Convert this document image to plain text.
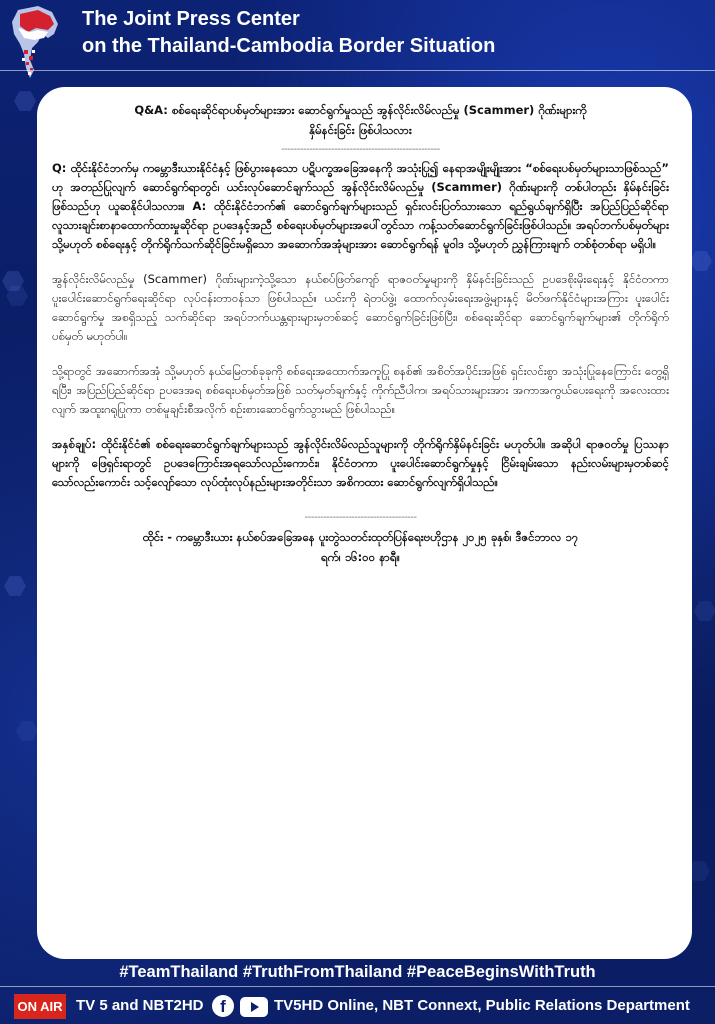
The Joint Press Center
on the Thailand-Cambodia Border Situation

Q&A: စစ်ရေးဆိုင်ရာပစ်မှတ်များအား ဆောင်ရွက်မှုသည် အွန်လိုင်းလိမ်လည်မှု (Scammer) ဂိုဏ်းများကို

နှိမ်နင်းခြင်း ဖြစ်ပါသလား

---------------------------------------------------

Q: ထိုင်းနိုင်ငံဘက်မှ ကမ္ဘောဒီးယားနိုင်ငံနှင့် ဖြစ်ပွားနေသော ပဋိပက္ခအခြေအနေကို အသုံးပြု၍ နေရာအမျိုးမျိုးအား “စစ်ရေးပစ်မှတ်များသာဖြစ်သည်” ဟု အတည်ပြုလျက် ဆောင်ရွက်ရာတွင်၊ ယင်းလုပ်ဆောင်ချက်သည် အွန်လိုင်းလိမ်လည်မှု (Scammer) ဂိုဏ်းများကို တစ်ပါတည်း နှိမ်နင်းခြင်းဖြစ်သည်ဟု ယူဆနိုင်ပါသလား။ A: ထိုင်းနိုင်ငံဘက်၏ ဆောင်ရွက်ချက်များသည် ရှင်းလင်းပြတ်သားသော ရည်ရွယ်ချက်ရှိပြီး အပြည်ပြည်ဆိုင်ရာ လူသားချင်းစာနာထောက်ထားမှုဆိုင်ရာ ဥပဒေနှင့်အညီ စစ်ရေးပစ်မှတ်များအပေါ်တွင်သာ ကန့်သတ်ဆောင်ရွက်ခြင်းဖြစ်ပါသည်။ အရပ်ဘက်ပစ်မှတ်များ သို့မဟုတ် စစ်ရေးနှင့် တိုက်ရိုက်သက်ဆိုင်ခြင်းမရှိသော အဆောက်အအုံများအား ဆောင်ရွက်ရန် မူဝါဒ သို့မဟုတ် ညွှန်ကြားချက် တစ်စုံတစ်ရာ မရှိပါ။

အွန်လိုင်းလိမ်လည်မှု (Scammer) ဂိုဏ်းများကဲ့သို့သော နယ်စပ်ဖြတ်ကျော် ရာဇဝတ်မှုများကို နှိမ်နင်းခြင်းသည် ဥပဒေစိုးမိုးရေးနှင့် နိုင်ငံတကာ ပူးပေါင်းဆောင်ရွက်ရေးဆိုင်ရာ လုပ်ငန်းတာဝန်သာ ဖြစ်ပါသည်။ ယင်းကို ရဲတပ်ဖွဲ့၊ ထောက်လှမ်းရေးအဖွဲ့များနှင့် မိတ်ဖက်နိုင်ငံများအကြား ပူးပေါင်းဆောင်ရွက်မှု အစရှိသည့် သက်ဆိုင်ရာ အရပ်ဘက်ယန္တရားများမှတစ်ဆင့် ဆောင်ရွက်ခြင်းဖြစ်ပြီး၊ စစ်ရေးဆိုင်ရာ ဆောင်ရွက်ချက်များ၏ တိုက်ရိုက်ပစ်မှတ် မဟုတ်ပါ။

သို့ရာတွင် အဆောက်အအုံ သို့မဟုတ် နယ်မြေတစ်ခုခုကို စစ်ရေးအထောက်အကူပြု စနစ်၏ အစိတ်အပိုင်းအဖြစ် ရှင်းလင်းစွာ အသုံးပြုနေကြောင်း တွေ့ရှိရပြီး၊ အပြည်ပြည်ဆိုင်ရာ ဥပဒေအရ စစ်ရေးပစ်မှတ်အဖြစ် သတ်မှတ်ချက်နှင့် ကိုက်ညီပါက၊ အရပ်သားများအား အကာအကွယ်ပေးရေးကို အလေးထားလျက် အထူးဂရုပြုကာ တစ်မူချင်းစီအလိုက် စဉ်းစားဆောင်ရွက်သွားမည် ဖြစ်ပါသည်။

အနှစ်ချုပ်: ထိုင်းနိုင်ငံ၏ စစ်ရေးဆောင်ရွက်ချက်များသည် အွန်လိုင်းလိမ်လည်သူများကို တိုက်ရိုက်နှိမ်နင်းခြင်း မဟုတ်ပါ။ အဆိုပါ ရာဇဝတ်မှု ပြဿနာများကို ဖြေရှင်းရာတွင် ဥပဒေကြောင်းအရသော်လည်းကောင်း၊ နိုင်ငံတကာ ပူးပေါင်းဆောင်ရွက်မှုနှင့် ငြိမ်းချမ်းသော နည်းလမ်းများမှတစ်ဆင့်သော်လည်းကောင်း သင့်လျော်သော လုပ်ထုံးလုပ်နည်းများအတိုင်းသာ အစိကထား ဆောင်ရွက်လျက်ရှိပါသည်။

------------------------------------

ထိုင်း - ကမ္ဘောဒီးယား နယ်စပ်အခြေအနေ ပူးတွဲသတင်းထုတ်ပြန်ရေးဗဟိုဌာန ၂၀၂၅ ခုနှစ်၊ ဒီဇင်ဘာလ ၁၇

ရက်၊ ၁၆:၀၀ နာရီ။

#TeamThailand #TruthFromThailand #PeaceBeginsWithTruth
ON AIR TV 5 and NBT2HD f	TV5HD Online, NBT Connext, Public Relations Department
